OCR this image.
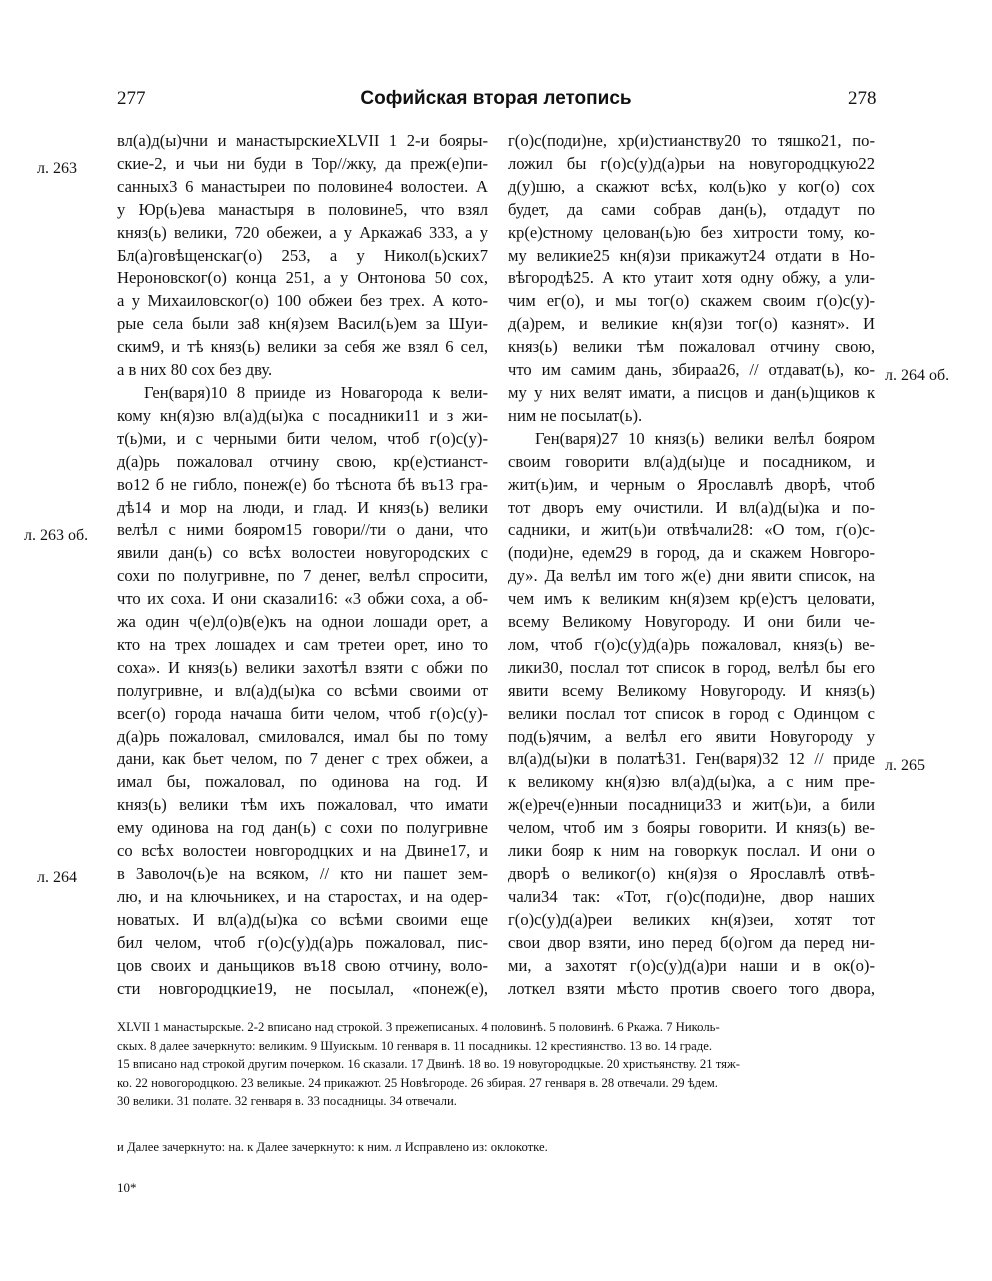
277	Софийская вторая летопись	278
вл(а)д(ы)чни и манастырскиеXLVII 1 2-и бояры-
ские-2, и чьи ни буди в Тор//жку, да преж(е)пи-
санных3 6 манастыреи по половине4 волостеи. А
у Юр(ь)ева манастыря в половине5, что взял
княз(ь) велики, 720 обежеи, а у Аркажа6 333, а у
Бл(а)говѣщенскаг(о) 253, а у Никол(ь)ских7
Нероновског(о) конца 251, а у Онтонова 50 сох,
а у Михаиловског(о) 100 обжеи без трех. А кото-
рые села были за8 кн(я)зем Васил(ь)ем за Шуи-
ским9, и тѣ княз(ь) велики за себя же взял 6 сел,
а в них 80 сох без дву.
Ген(варя)10 8 прииде из Новагорода к вели-
кому кн(я)зю вл(а)д(ы)ка с посадники11 и з жи-
т(ь)ми, и с черными бити челом, чтоб г(о)с(у)-
д(а)рь пожаловал отчину свою, кр(е)стианст-
во12 б не гибло, понеж(е) бо тѣснота бѣ въ13 гра-
дѣ14 и мор на люди, и глад. И княз(ь) велики
велѣл с ними бояром15 говори//ти о дани, что
явили дан(ь) со всѣх волостеи новугородских с
сохи по полугривне, по 7 денег, велѣл спросити,
что их соха. И они сказали16: «3 обжи соха, а об-
жа один ч(е)л(о)в(е)къ на однои лошади орет, а
кто на трех лошадех и сам третеи орет, ино то
соха». И княз(ь) велики захотѣл взяти с обжи по
полугривне, и вл(а)д(ы)ка со всѣми своими от
всег(о) города начаша бити челом, чтоб г(о)с(у)-
д(а)рь пожаловал, смиловался, имал бы по тому
дани, как бьет челом, по 7 денег с трех обжеи, а
имал бы, пожаловал, по одинова на год. И
княз(ь) велики тѣм ихъ пожаловал, что имати
ему одинова на год дан(ь) с сохи по полугривне
со всѣх волостеи новгородцких и на Двине17, и
в Заволоч(ь)е на всяком, // кто ни пашет зем-
лю, и на ключьникех, и на старостах, и на одер-
новатых. И вл(а)д(ы)ка со всѣми своими еще
бил челом, чтоб г(о)с(у)д(а)рь пожаловал, пис-
цов своих и даньщиков въ18 свою отчину, воло-
сти новгородцкие19, не посылал, «понеж(е),
г(о)с(поди)не, хр(и)стианству20 то тяшко21, по-
ложил бы г(о)с(у)д(а)рьи на новугородцкую22
д(у)шю, а скажют всѣх, кол(ь)ко у ког(о) сох
будет, да сами собрав дан(ь), отдадут по
кр(е)стному целован(ь)ю без хитрости тому, ко-
му великие25 кн(я)зи прикажут24 отдати в Но-
вѣгородѣ25. А кто утаит хотя одну обжу, а ули-
чим ег(о), и мы тог(о) скажем своим г(о)с(у)-
д(а)рем, и великие кн(я)зи тог(о) казнят». И
княз(ь) велики тѣм пожаловал отчину свою,
что им самим дань, збираа26, // отдават(ь), ко-
му у них велят имати, а писцов и дан(ь)щиков к
ним не посылат(ь).
Ген(варя)27 10 княз(ь) велики велѣл бояром
своим говорити вл(а)д(ы)це и посадником, и
жит(ь)им, и черным о Ярославлѣ дворѣ, чтоб
тот дворъ ему очистили. И вл(а)д(ы)ка и по-
садники, и жит(ь)и отвѣчали28: «О том, г(о)с-
(поди)не, едем29 в город, да и скажем Новгоро-
ду». Да велѣл им того ж(е) дни явити список, на
чем имъ к великим кн(я)зем кр(е)стъ целовати,
всему Великому Новугороду. И они били че-
лом, чтоб г(о)с(у)д(а)рь пожаловал, княз(ь) ве-
лики30, послал тот список в город, велѣл бы его
явити всему Великому Новугороду. И княз(ь)
велики послал тот список в город с Одинцом с
под(ь)ячим, а велѣл его явити Новугороду у
вл(а)д(ы)ки в полатѣ31. Ген(варя)32 12 // приде
к великому кн(я)зю вл(а)д(ы)ка, а с ним пре-
ж(е)реч(е)нныи посадници33 и жит(ь)и, а били
челом, чтоб им з бояры говорити. И княз(ь) ве-
лики бояр к ним на говоркук послал. И они о
дворѣ о великог(о) кн(я)зя о Ярославлѣ отвѣ-
чали34 так: «Тот, г(о)с(поди)не, двор наших
г(о)с(у)д(а)реи великих кн(я)зеи, хотят тот
свои двор взяти, ино перед б(о)гом да перед ни-
ми, а захотят г(о)с(у)д(а)ри наши и в ок(о)-
лоткел взяти мѣсто против своего того двора,
л. 263
л. 263 об.
л. 264
л. 264 об.
л. 265
XLVII 1 манастырскые. 2-2 вписано над строкой. 3 прежеписаных. 4 половинѣ. 5 половинѣ. 6 Ркажа. 7 Николь-
скых. 8 далее зачеркнуто: великим. 9 Шуискым. 10 генваря в. 11 посадникы. 12 крестиянство. 13 во. 14 граде.
15 вписано над строкой другим почерком. 16 сказали. 17 Двинѣ. 18 во. 19 новугородцкые. 20 христьянству. 21 тяж-
ко. 22 новогородцкою. 23 великые. 24 прикажют. 25 Новѣгороде. 26 збирая. 27 генваря в. 28 отвечали. 29 ѣдем.
30 велики. 31 полате. 32 генваря в. 33 посадницы. 34 отвечали.
и Далее зачеркнуто: на. к Далее зачеркнуто: к ним. л Исправлено из: оклокотке.
10*
